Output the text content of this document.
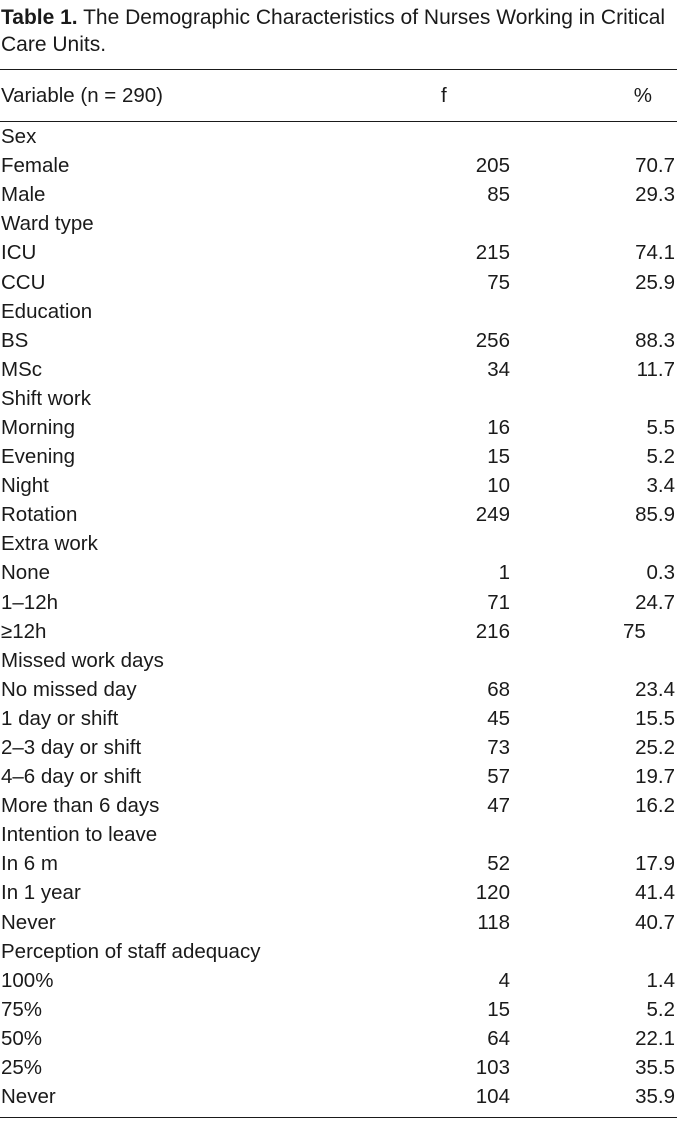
Table 1. The Demographic Characteristics of Nurses Working in Critical Care Units.

Variable (n = 290)	f	%
Sex		
Female	205	70.7
Male	85	29.3
Ward type		
ICU	215	74.1
CCU	75	25.9
Education		
BS	256	88.3
MSc	34	11.7
Shift work		
Morning	16	5.5
Evening	15	5.2
Night	10	3.4
Rotation	249	85.9
Extra work		
None	1	0.3
1–12h	71	24.7
≥12h	216	75
Missed work days		
No missed day	68	23.4
1 day or shift	45	15.5
2–3 day or shift	73	25.2
4–6 day or shift	57	19.7
More than 6 days	47	16.2
Intention to leave		
In 6 m	52	17.9
In 1 year	120	41.4
Never	118	40.7
Perception of staff adequacy		
100%	4	1.4
75%	15	5.2
50%	64	22.1
25%	103	35.5
Never	104	35.9
